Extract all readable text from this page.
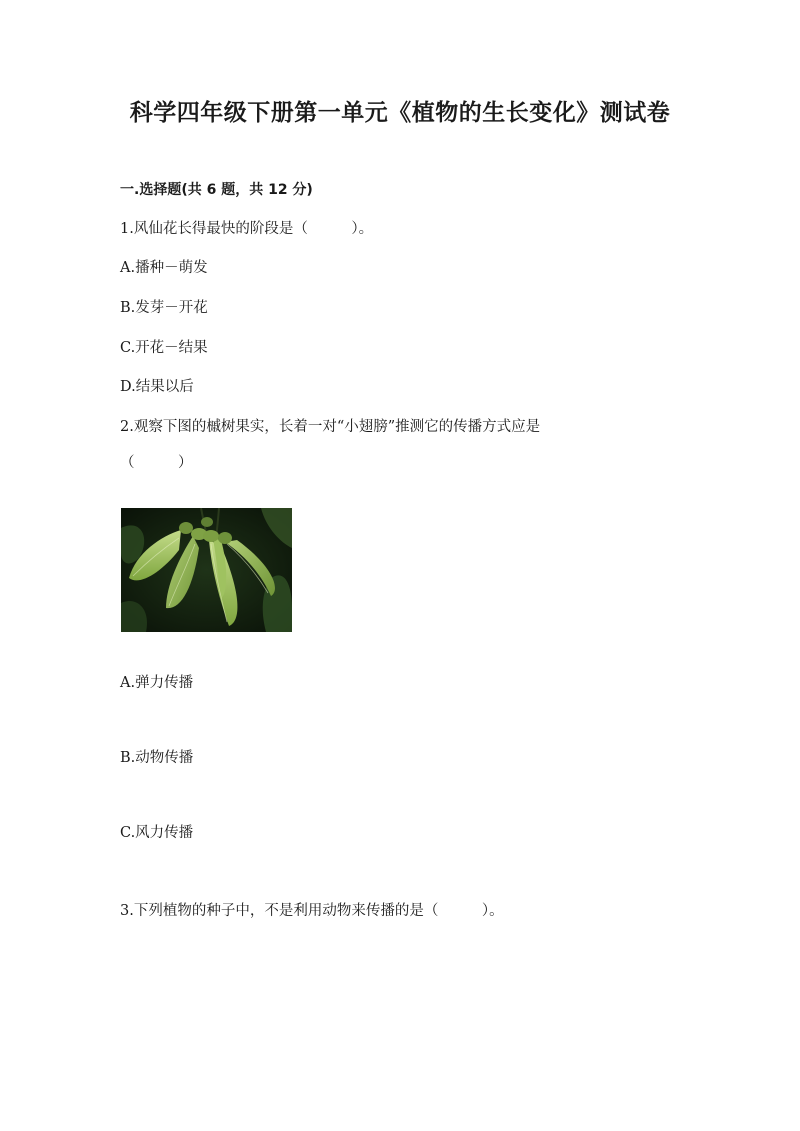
科学四年级下册第一单元《植物的生长变化》测试卷
一.选择题(共 6 题，共 12 分)
1.风仙花长得最快的阶段是（　　　）。
A.播种－萌发
B.发芽－开花
C.开花－结果
D.结果以后
2.观察下图的槭树果实，长着一对“小翅膀”推测它的传播方式应是
（　　　）
A.弹力传播
B.动物传播
C.风力传播
3.下列植物的种子中，不是利用动物来传播的是（　　　）。
